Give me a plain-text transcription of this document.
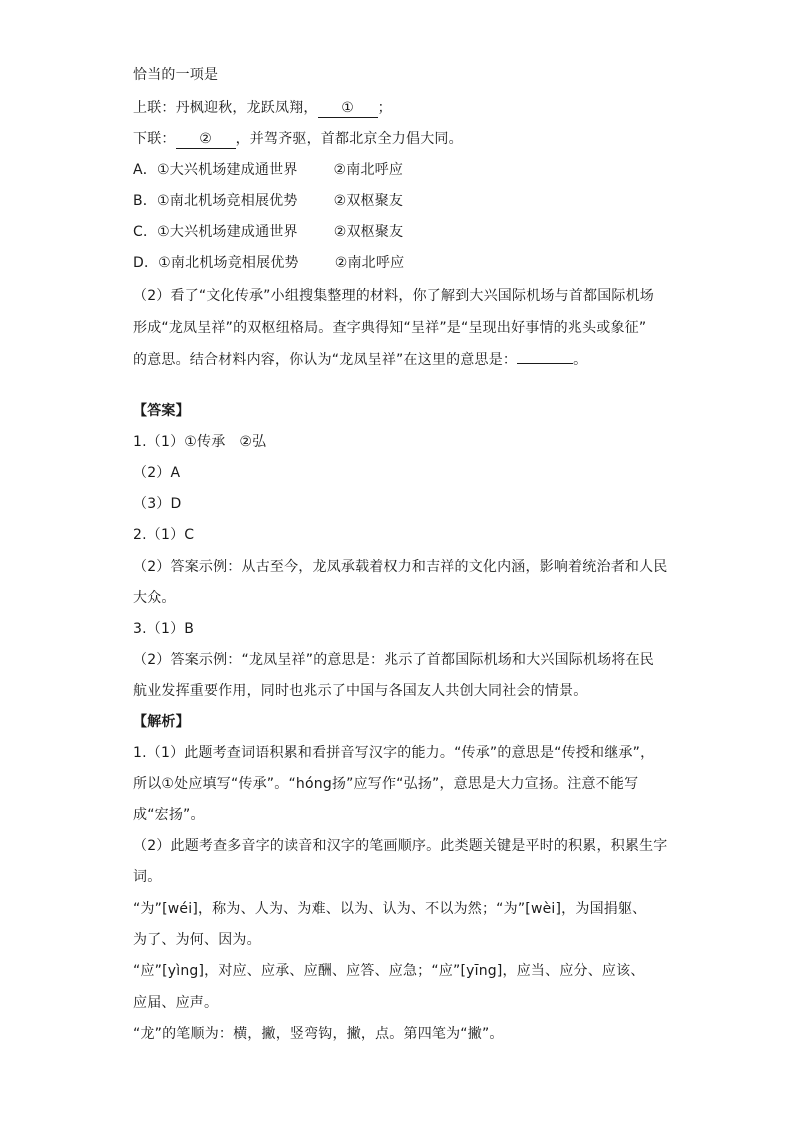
恰当的一项是
上联：丹枫迎秋，龙跃凤翔， ① ；
下联： ② ，并驾齐驱，首都北京全力倡大同。
A．①大兴机场建成通世界	②南北呼应
B．①南北机场竞相展优势	②双枢聚友
C．①大兴机场建成通世界	②双枢聚友
D．①南北机场竞相展优势	②南北呼应
（2）看了“文化传承”小组搜集整理的材料，你了解到大兴国际机场与首都国际机场
形成“龙凤呈祥”的双枢纽格局。查字典得知“呈祥”是“呈现出好事情的兆头或象征”
的意思。结合材料内容，你认为“龙凤呈祥”在这里的意思是：	。
【答案】
1.（1）①传承 ②弘
（2）A
（3）D
2.（1）C
（2）答案示例：从古至今，龙凤承载着权力和吉祥的文化内涵，影响着统治者和人民
大众。
3.（1）B
（2）答案示例：“龙凤呈祥”的意思是：兆示了首都国际机场和大兴国际机场将在民
航业发挥重要作用，同时也兆示了中国与各国友人共创大同社会的情景。
【解析】
1.（1）此题考查词语积累和看拼音写汉字的能力。“传承”的意思是“传授和继承”，
所以①处应填写“传承”。“hóng扬”应写作“弘扬”，意思是大力宣扬。注意不能写
成“宏扬”。
（2）此题考查多音字的读音和汉字的笔画顺序。此类题关键是平时的积累，积累生字
词。
“为”[wéi]，称为、人为、为难、以为、认为、不以为然；“为”[wèi]，为国捐躯、
为了、为何、因为。
“应”[yìng]，对应、应承、应酬、应答、应急；“应”[yīng]，应当、应分、应该、
应届、应声。
“龙”的笔顺为：横，撇，竖弯钩，撇，点。第四笔为“撇”。
